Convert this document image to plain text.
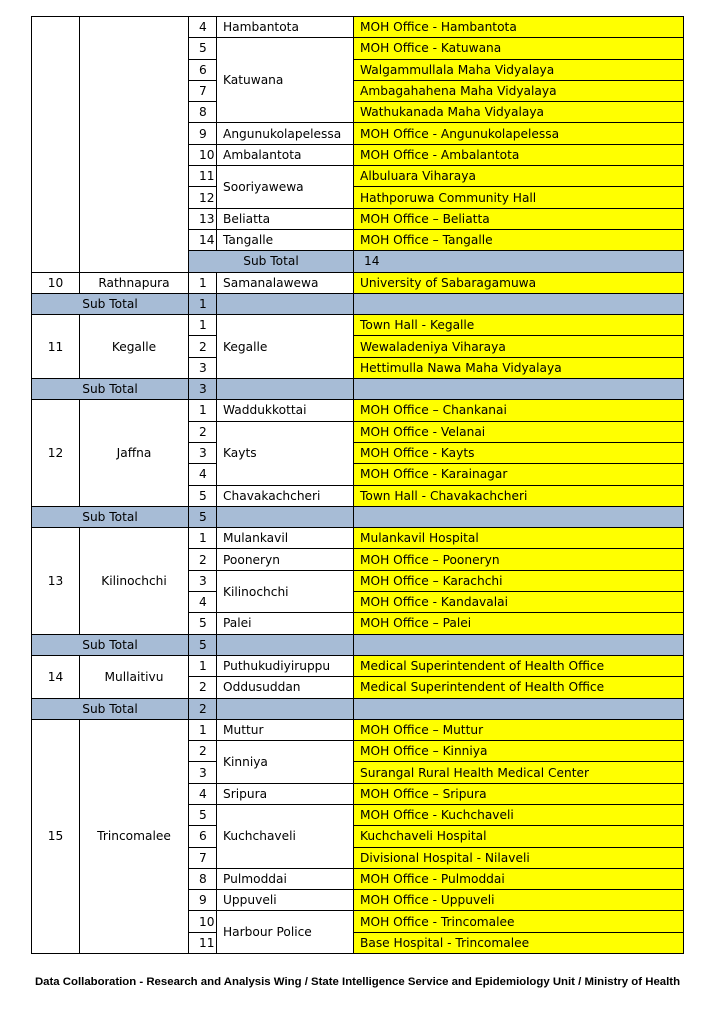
		4	Hambantota	MOH Office - Hambantota	
		5	Katuwana	MOH Office - Katuwana	
		6		Walgammullala Maha Vidyalaya	
		7		Ambagahahena Maha Vidyalaya	
		8		Wathukanada Maha Vidyalaya	
		9	Angunukolapelessa	MOH Office - Angunukolapelessa	
		10	Ambalantota	MOH Office - Ambalantota	
		11	Sooriyawewa	Albuluara Viharaya	
		12		Hathporuwa Community Hall	
		13	Beliatta	MOH Office – Beliatta	
		14	Tangalle	MOH Office – Tangalle	
		Sub Total		14		
10	Rathnapura	1	Samanalawewa	University of Sabaragamuwa	
Sub Total		1			
11	Kegalle	1	Kegalle	Town Hall - Kegalle	
		2		Wewaladeniya Viharaya	
		3		Hettimulla Nawa Maha Vidyalaya	
Sub Total		3			
12	Jaffna	1	Waddukkottai	MOH Office – Chankanai	
		2	Kayts	MOH Office - Velanai	
		3		MOH Office - Kayts	
		4		MOH Office - Karainagar	
		5	Chavakachcheri	Town Hall - Chavakachcheri	
Sub Total		5			
13	Kilinochchi	1	Mulankavil	Mulankavil Hospital	
		2	Pooneryn	MOH Office – Pooneryn	
		3	Kilinochchi	MOH Office – Karachchi	
		4		MOH Office - Kandavalai	
		5	Palei	MOH Office – Palei	
Sub Total		5			
14	Mullaitivu	1	Puthukudiyiruppu	Medical Superintendent of Health Office	
		2	Oddusuddan	Medical Superintendent of Health Office	
Sub Total		2			
15	Trincomalee	1	Muttur	MOH Office – Muttur	
		2	Kinniya	MOH Office – Kinniya	
		3		Surangal Rural Health Medical Center	
		4	Sripura	MOH Office – Sripura	
		5	Kuchchaveli	MOH Office - Kuchchaveli	
		6		Kuchchaveli Hospital	
		7		Divisional Hospital - Nilaveli	
		8	Pulmoddai	MOH Office - Pulmoddai	
		9	Uppuveli	MOH Office - Uppuveli	
		10	Harbour Police	MOH Office - Trincomalee	
		11		Base Hospital - Trincomalee	
Data Collaboration - Research and Analysis Wing / State Intelligence Service and Epidemiology Unit / Ministry of Health
